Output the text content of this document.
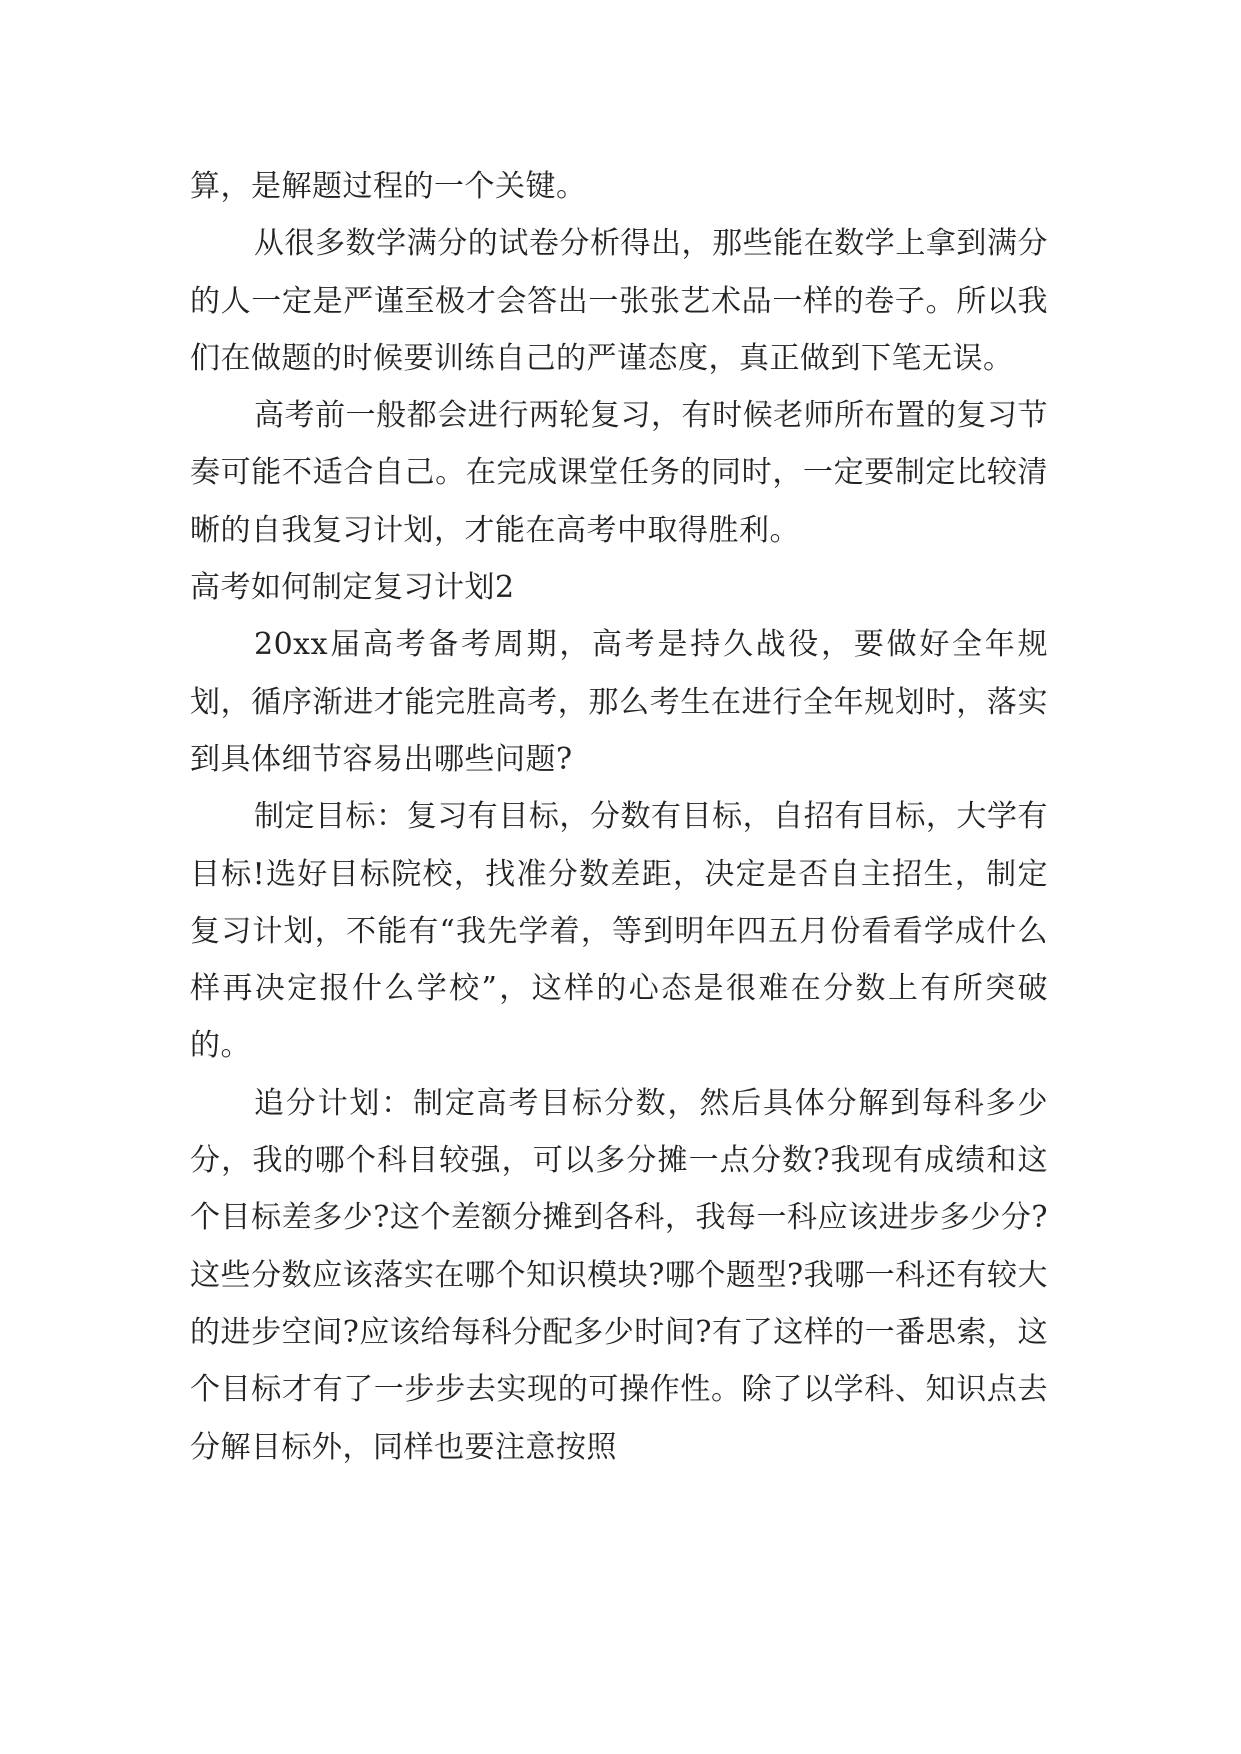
算，是解题过程的一个关键。

从很多数学满分的试卷分析得出，那些能在数学上拿到满分的人一定是严谨至极才会答出一张张艺术品一样的卷子。所以我们在做题的时候要训练自己的严谨态度，真正做到下笔无误。

高考前一般都会进行两轮复习，有时候老师所布置的复习节奏可能不适合自己。在完成课堂任务的同时，一定要制定比较清晰的自我复习计划，才能在高考中取得胜利。

高考如何制定复习计划2

20xx届高考备考周期，高考是持久战役，要做好全年规划，循序渐进才能完胜高考，那么考生在进行全年规划时，落实到具体细节容易出哪些问题?

制定目标：复习有目标，分数有目标，自招有目标，大学有目标!选好目标院校，找准分数差距，决定是否自主招生，制定复习计划，不能有“我先学着，等到明年四五月份看看学成什么样再决定报什么学校”，这样的心态是很难在分数上有所突破的。

追分计划：制定高考目标分数，然后具体分解到每科多少分，我的哪个科目较强，可以多分摊一点分数?我现有成绩和这个目标差多少?这个差额分摊到各科，我每一科应该进步多少分?这些分数应该落实在哪个知识模块?哪个题型?我哪一科还有较大的进步空间?应该给每科分配多少时间?有了这样的一番思索，这个目标才有了一步步去实现的可操作性。除了以学科、知识点去分解目标外，同样也要注意按照
